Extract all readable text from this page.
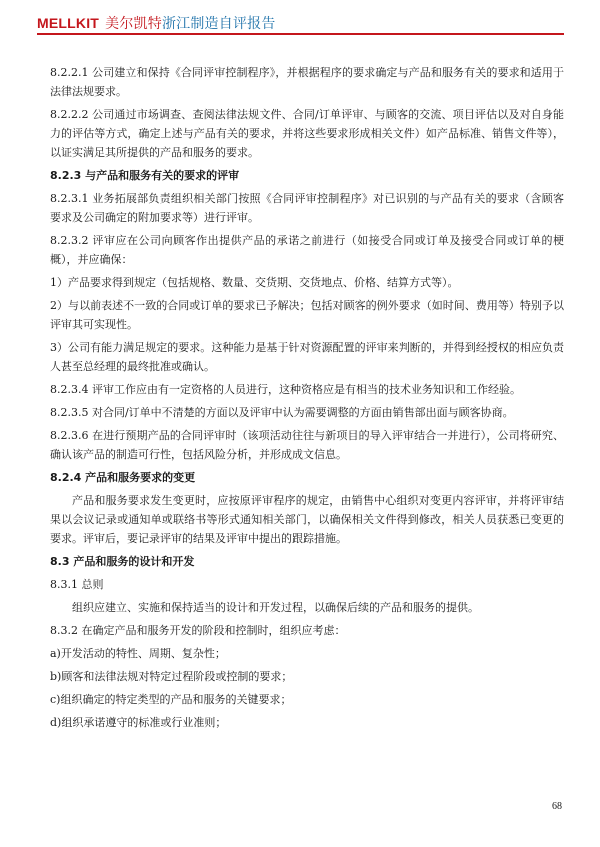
MELLKIT 美尔凯特浙江制造自评报告

8.2.2.1 公司建立和保持《合同评审控制程序》，并根据程序的要求确定与产品和服务有关的要求和适用于法律法规要求。

8.2.2.2 公司通过市场调查、查阅法律法规文件、合同/订单评审、与顾客的交流、项目评估以及对自身能力的评估等方式，确定上述与产品有关的要求，并将这些要求形成相关文件）如产品标准、销售文件等），以证实满足其所提供的产品和服务的要求。

8.2.3 与产品和服务有关的要求的评审

8.2.3.1 业务拓展部负责组织相关部门按照《合同评审控制程序》对已识别的与产品有关的要求（含顾客要求及公司确定的附加要求等）进行评审。

8.2.3.2 评审应在公司向顾客作出提供产品的承诺之前进行（如接受合同或订单及接受合同或订单的梗概），并应确保：

1）产品要求得到规定（包括规格、数量、交货期、交货地点、价格、结算方式等）。

2）与以前表述不一致的合同或订单的要求已予解决；包括对顾客的例外要求（如时间、费用等）特别予以评审其可实现性。

3）公司有能力满足规定的要求。这种能力是基于针对资源配置的评审来判断的，并得到经授权的相应负责人甚至总经理的最终批准或确认。

8.2.3.4 评审工作应由有一定资格的人员进行，这种资格应是有相当的技术业务知识和工作经验。

8.2.3.5 对合同/订单中不清楚的方面以及评审中认为需要调整的方面由销售部出面与顾客协商。

8.2.3.6 在进行预期产品的合同评审时（该项活动往往与新项目的导入评审结合一并进行），公司将研究、确认该产品的制造可行性，包括风险分析，并形成成文信息。

8.2.4 产品和服务要求的变更

产品和服务要求发生变更时，应按原评审程序的规定，由销售中心组织对变更内容评审，并将评审结果以会议记录或通知单或联络书等形式通知相关部门，以确保相关文件得到修改，相关人员获悉已变更的要求。评审后，要记录评审的结果及评审中提出的跟踪措施。

8.3 产品和服务的设计和开发

8.3.1 总则

组织应建立、实施和保持适当的设计和开发过程，以确保后续的产品和服务的提供。

8.3.2 在确定产品和服务开发的阶段和控制时，组织应考虑：

a)开发活动的特性、周期、复杂性；

b)顾客和法律法规对特定过程阶段或控制的要求；

c)组织确定的特定类型的产品和服务的关键要求；

d)组织承诺遵守的标准或行业准则；

68
